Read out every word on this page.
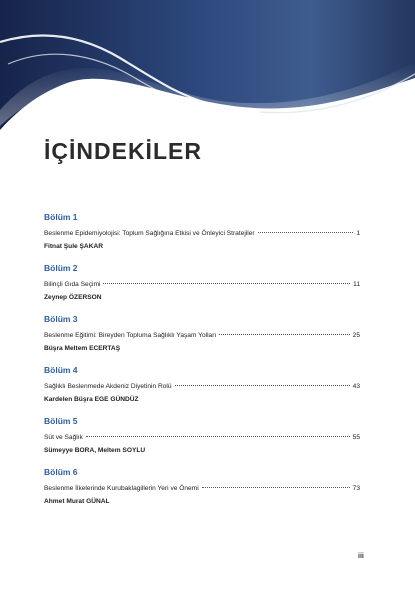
İÇİNDEKİLER
Bölüm 1
Beslenme Epidemiyolojisi: Toplum Sağlığına Etkisi ve Önleyici Stratejiler	1
Fitnat Şule ŞAKAR
Bölüm 2
Bilinçli Gıda Seçimi	11
Zeynep ÖZERSON
Bölüm 3
Beslenme Eğitimi: Bireyden Topluma Sağlıklı Yaşam Yolları	25
Büşra Meltem ECERTAŞ
Bölüm 4
Sağlıklı Beslenmede Akdeniz Diyetinin Rolü	43
Kardelen Büşra EGE GÜNDÜZ
Bölüm 5
Süt ve Sağlık	55
Sümeyye BORA, Meltem SOYLU
Bölüm 6
Beslenme İlkelerinde Kurubaklagillerin Yeri ve Önemi	73
Ahmet Murat GÜNAL
iii
